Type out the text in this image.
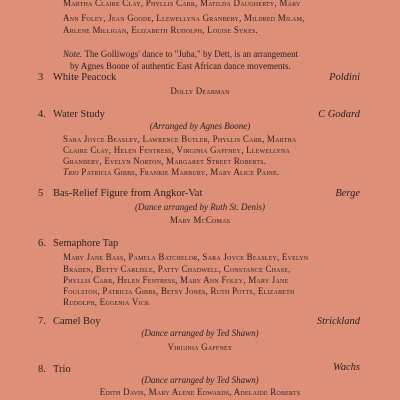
Martha Claire Clay, Phyllis Carr, Matilda Daugherty, Mary
Ann Foley, Jean Goode, Llewellyna Granbery, Mildred Milam,
Arlene Milligan, Elizabeth Rudolph, Louise Sykes.
Note. The Golliwogs' dance to "Juba," by Dett, is an arrangement
by Agnes Boone of authentic East African dance movements.
3 White Peacock	Poldini
Dolly Dearman
4. Water Study	C Godard
(Arranged by Agnes Boone)
Sara Joyce Beasley, Lawrence Butler, Phyllis Carr, Martha
Claire Clay, Helen Fentress, Virginia Gaffney, Llewellyna
Granbery, Evelyn Norton, Margaret Street Roberts.
Trio Patricia Gibbs, Frankie Marbury, Mary Alice Paine.
5 Bas-Relief Figure from Angkor-Vat	Berge
(Dance arranged by Ruth St. Denis)
Mary McComas
6. Semaphore Tap
Mary Jane Bass, Pamela Batchelor, Sara Joyce Beasley, Evelyn
Braden, Betty Carlisle, Patty Chadwell, Constance Chase,
Phyllis Carr, Helen Fentress, Mary Ann Foley, Mary Jane
Foulston, Patricia Gibbs, Betsy Jones, Ruth Potts, Elizabeth
Rudolph, Eugenia Vick
7. Camel Boy	Strickland
(Dance arranged by Ted Shawn)
Virginia Gaffney
8. Trio	Wachs
(Dance arranged by Ted Shawn)
Edith Davis, Mary Alene Edwards, Adelaide Roberts
